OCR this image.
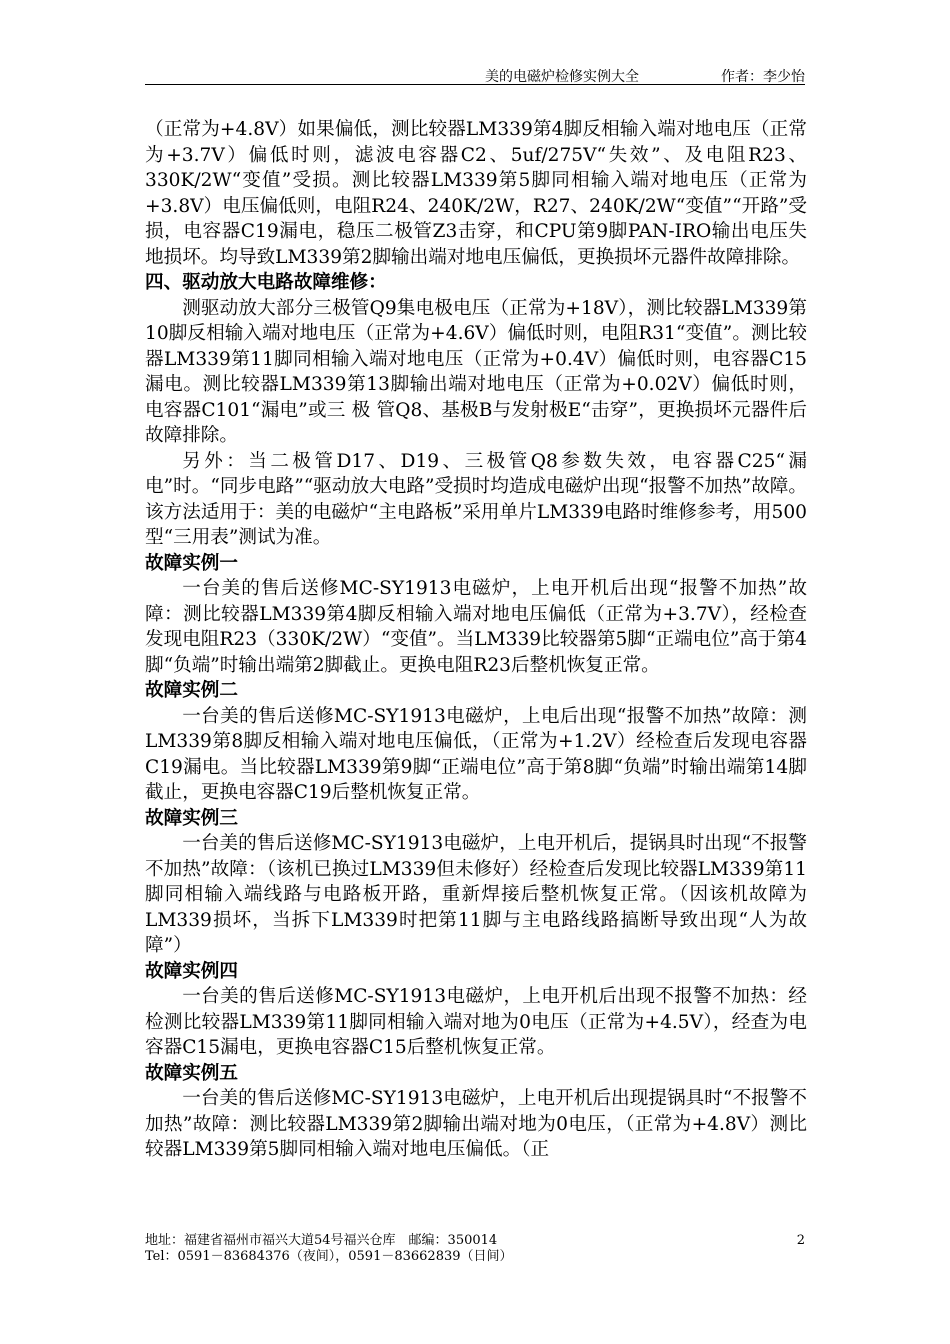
美的电磁炉检修实例大全	作者：李少怡

（正常为+4.8V）如果偏低，测比较器LM339第4脚反相输入端对地电压（正常为+3.7V）偏低时则，滤波电容器C2、5uf/275V“失效”、及电阻R23、330K/2W“变值”受损。测比较器LM339第5脚同相输入端对地电压（正常为+3.8V）电压偏低则，电阻R24、240K/2W，R27、240K/2W“变值”“开路”受损，电容器C19漏电，稳压二极管Z3击穿，和CPU第9脚PAN-IRO输出电压失地损坏。均导致LM339第2脚输出端对地电压偏低，更换损坏元器件故障排除。

四、驱动放大电路故障维修：

测驱动放大部分三极管Q9集电极电压（正常为+18V），测比较器LM339第10脚反相输入端对地电压（正常为+4.6V）偏低时则，电阻R31“变值”。测比较器LM339第11脚同相输入端对地电压（正常为+0.4V）偏低时则，电容器C15漏电。测比较器LM339第13脚输出端对地电压（正常为+0.02V）偏低时则，电容器C101“漏电”或三 极 管Q8、基极B与发射极E“击穿”，更换损坏元器件后故障排除。

另外：当二极管D17、D19、三极管Q8参数失效，电容器C25“漏电”时。“同步电路”“驱动放大电路”受损时均造成电磁炉出现“报警不加热”故障。该方法适用于：美的电磁炉“主电路板”采用单片LM339电路时维修参考，用500型“三用表”测试为准。

故障实例一

一台美的售后送修MC-SY1913电磁炉，上电开机后出现“报警不加热”故障：测比较器LM339第4脚反相输入端对地电压偏低（正常为+3.7V），经检查发现电阻R23（330K/2W）“变值”。当LM339比较器第5脚“正端电位”高于第4脚“负端”时输出端第2脚截止。更换电阻R23后整机恢复正常。

故障实例二

一台美的售后送修MC-SY1913电磁炉，上电后出现“报警不加热”故障：测LM339第8脚反相输入端对地电压偏低，（正常为+1.2V）经检查后发现电容器C19漏电。当比较器LM339第9脚“正端电位”高于第8脚“负端”时输出端第14脚截止，更换电容器C19后整机恢复正常。

故障实例三

一台美的售后送修MC-SY1913电磁炉，上电开机后，提锅具时出现“不报警不加热”故障：（该机已换过LM339但未修好）经检查后发现比较器LM339第11脚同相输入端线路与电路板开路，重新焊接后整机恢复正常。（因该机故障为LM339损坏，当拆下LM339时把第11脚与主电路线路搞断导致出现“人为故障”）

故障实例四

一台美的售后送修MC-SY1913电磁炉，上电开机后出现不报警不加热：经检测比较器LM339第11脚同相输入端对地为0电压（正常为+4.5V），经查为电容器C15漏电，更换电容器C15后整机恢复正常。

故障实例五

一台美的售后送修MC-SY1913电磁炉，上电开机后出现提锅具时“不报警不加热”故障：测比较器LM339第2脚输出端对地为0电压，（正常为+4.8V）测比较器LM339第5脚同相输入端对地电压偏低。（正

地址：福建省福州市福兴大道54号福兴仓库　邮编：350014
Tel：0591－83684376（夜间），0591－83662839（日间）
2
